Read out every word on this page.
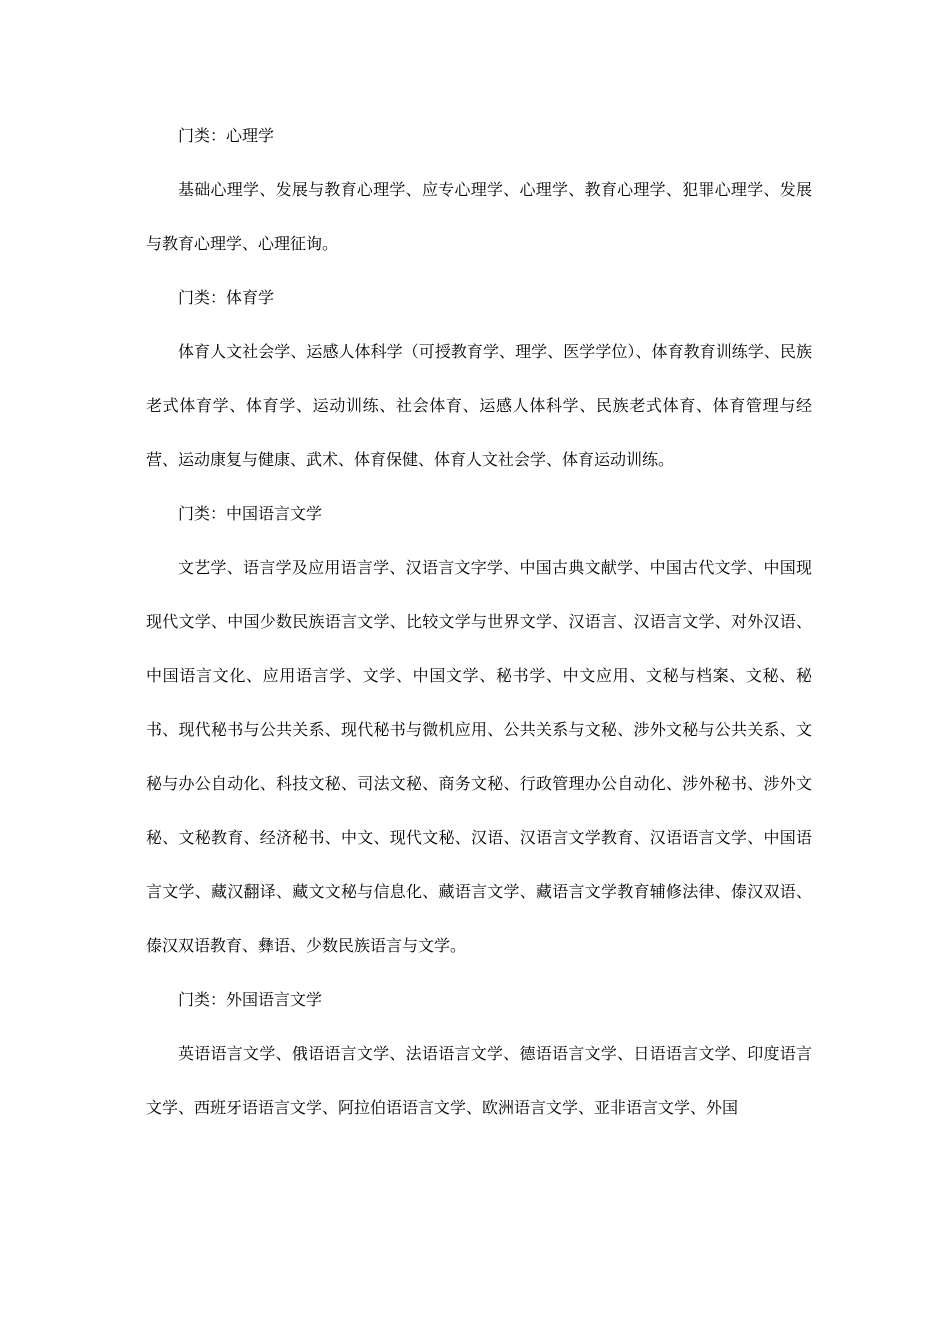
门类：心理学

基础心理学、发展与教育心理学、应专心理学、心理学、教育心理学、犯罪心理学、发展与教育心理学、心理征询。

门类：体育学

体育人文社会学、运感人体科学（可授教育学、理学、医学学位）、体育教育训练学、民族老式体育学、体育学、运动训练、社会体育、运感人体科学、民族老式体育、体育管理与经营、运动康复与健康、武术、体育保健、体育人文社会学、体育运动训练。

门类：中国语言文学

文艺学、语言学及应用语言学、汉语言文字学、中国古典文献学、中国古代文学、中国现现代文学、中国少数民族语言文学、比较文学与世界文学、汉语言、汉语言文学、对外汉语、中国语言文化、应用语言学、文学、中国文学、秘书学、中文应用、文秘与档案、文秘、秘书、现代秘书与公共关系、现代秘书与微机应用、公共关系与文秘、涉外文秘与公共关系、文秘与办公自动化、科技文秘、司法文秘、商务文秘、行政管理办公自动化、涉外秘书、涉外文秘、文秘教育、经济秘书、中文、现代文秘、汉语、汉语言文学教育、汉语语言文学、中国语言文学、藏汉翻译、藏文文秘与信息化、藏语言文学、藏语言文学教育辅修法律、傣汉双语、傣汉双语教育、彝语、少数民族语言与文学。

门类：外国语言文学

英语语言文学、俄语语言文学、法语语言文学、德语语言文学、日语语言文学、印度语言文学、西班牙语语言文学、阿拉伯语语言文学、欧洲语言文学、亚非语言文学、外国
